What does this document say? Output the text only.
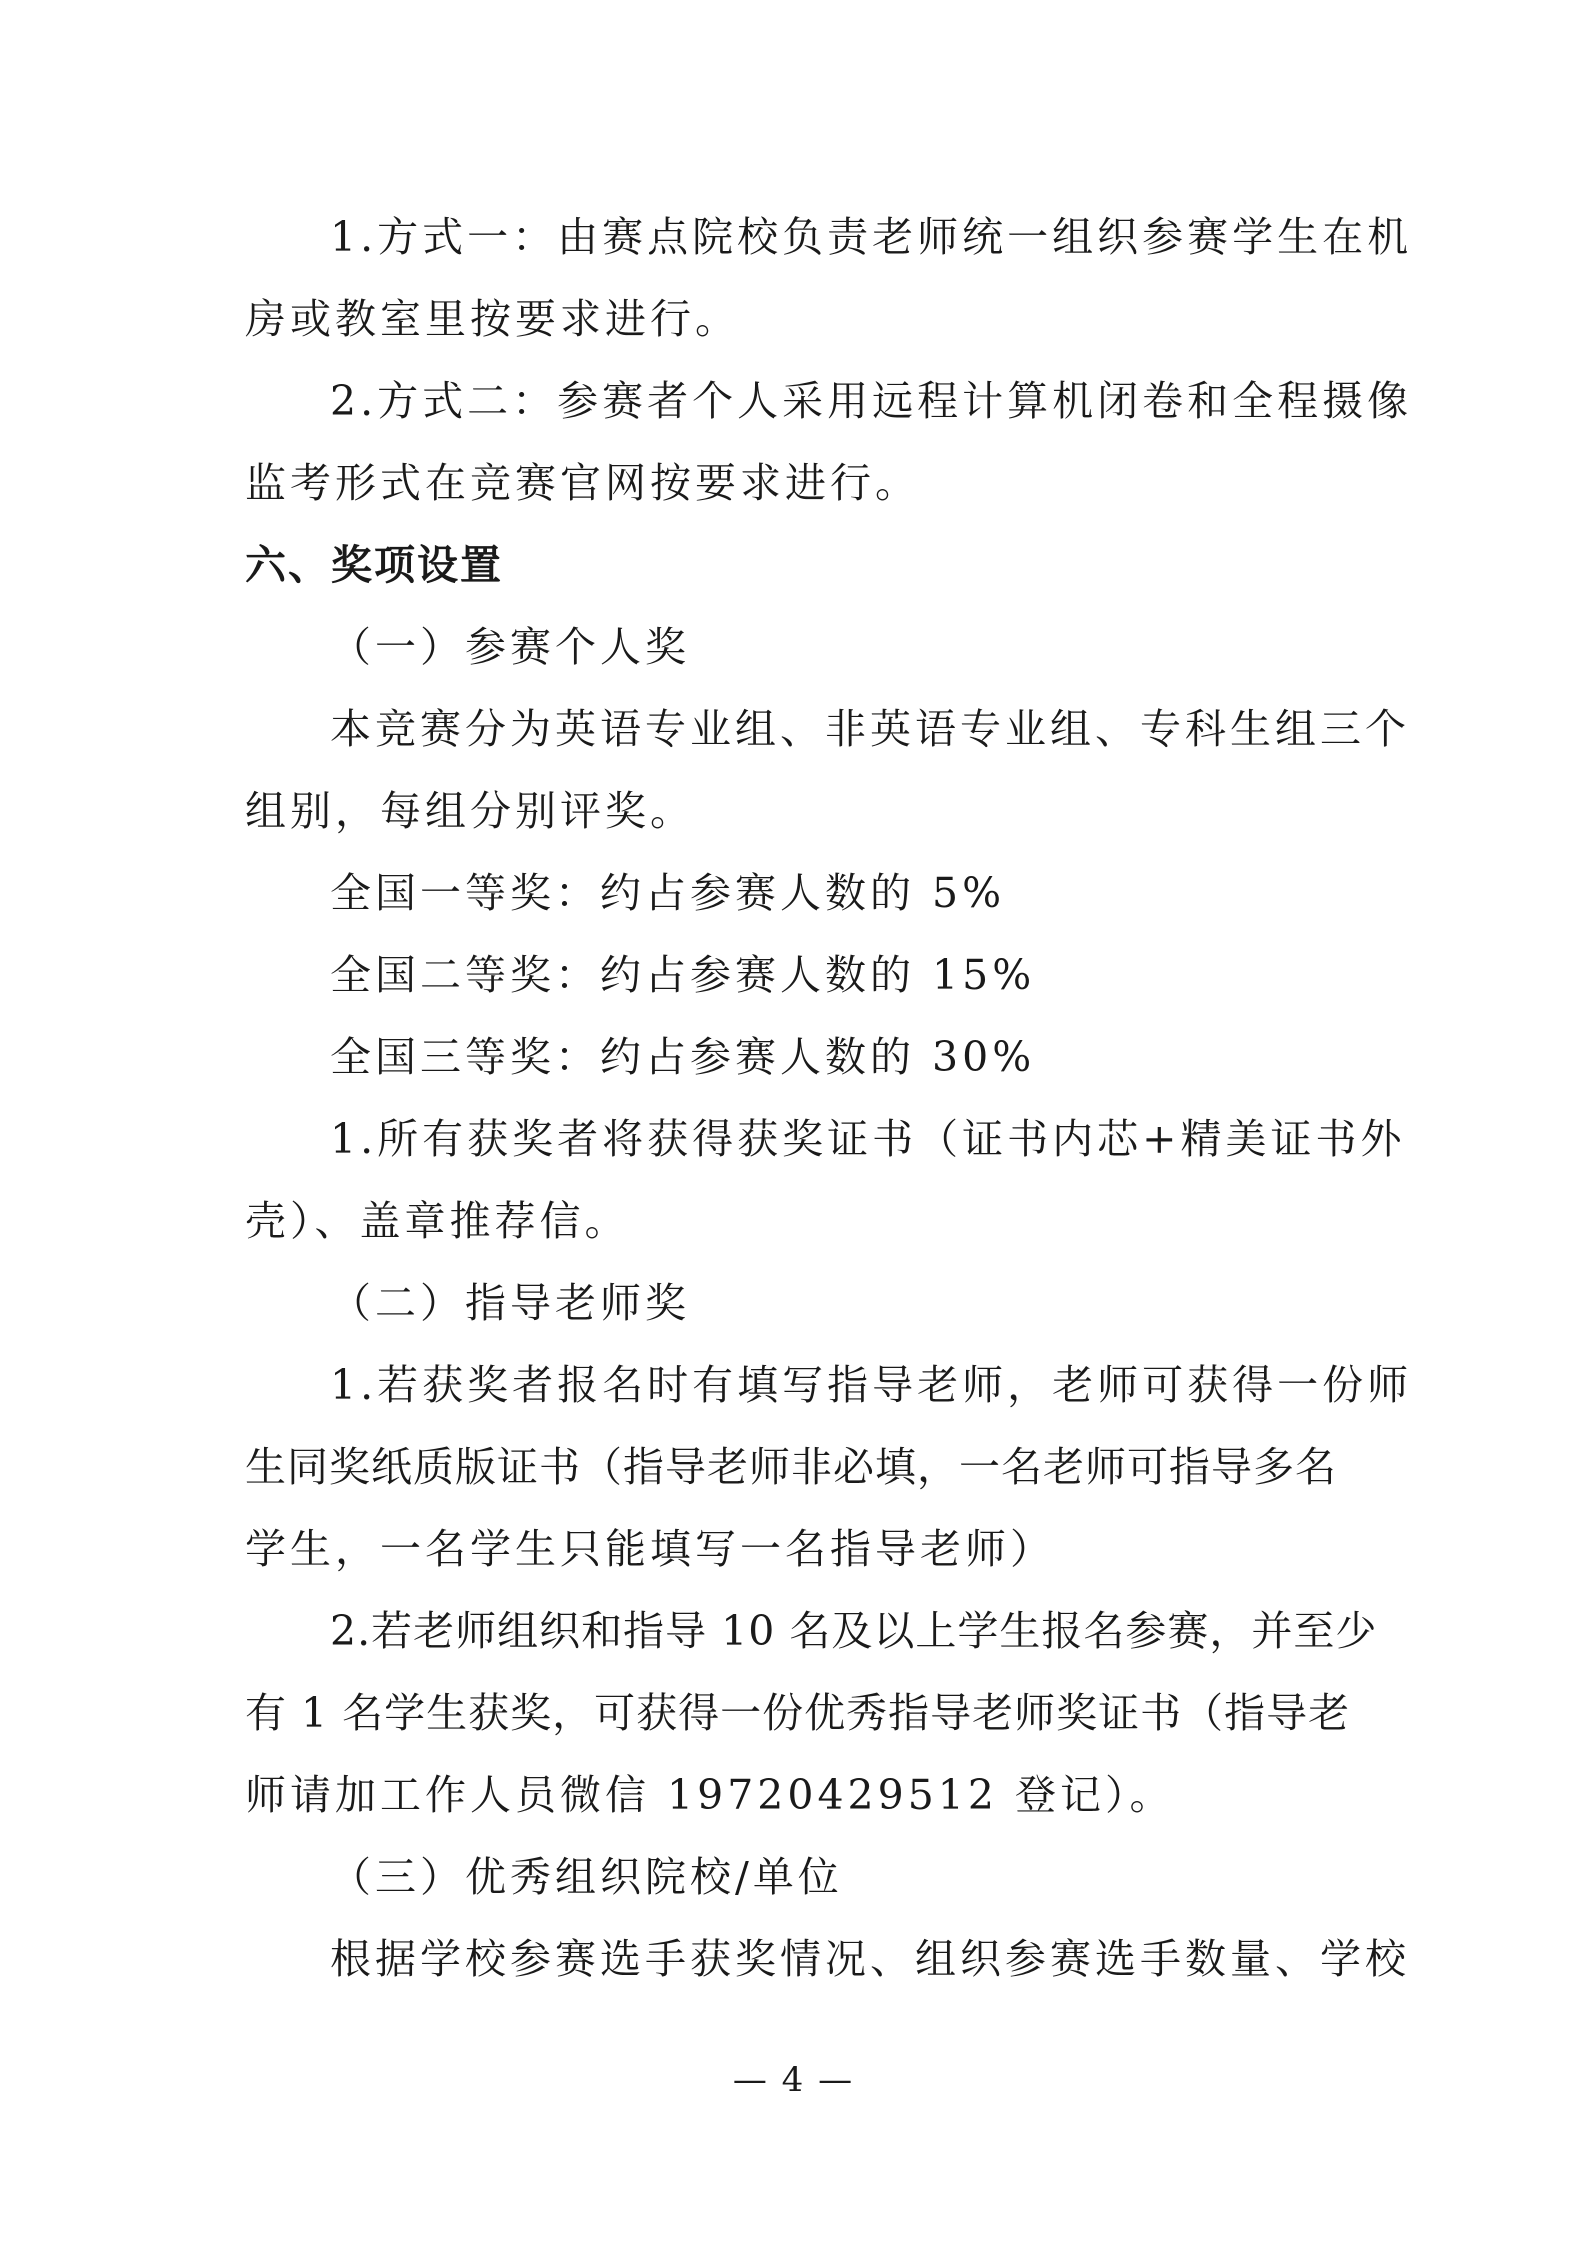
1.方式一：由赛点院校负责老师统一组织参赛学生在机
房或教室里按要求进行。
2.方式二：参赛者个人采用远程计算机闭卷和全程摄像
监考形式在竞赛官网按要求进行。
六、奖项设置
（一）参赛个人奖
本竞赛分为英语专业组、非英语专业组、专科生组三个
组别，每组分别评奖。
全国一等奖：约占参赛人数的 5%
全国二等奖：约占参赛人数的 15%
全国三等奖：约占参赛人数的 30%
1.所有获奖者将获得获奖证书（证书内芯+精美证书外
壳）、盖章推荐信。
（二）指导老师奖
1.若获奖者报名时有填写指导老师，老师可获得一份师
生同奖纸质版证书（指导老师非必填，一名老师可指导多名
学生，一名学生只能填写一名指导老师）
2.若老师组织和指导 10 名及以上学生报名参赛，并至少
有 1 名学生获奖，可获得一份优秀指导老师奖证书（指导老
师请加工作人员微信 19720429512 登记）。
（三）优秀组织院校/单位
根据学校参赛选手获奖情况、组织参赛选手数量、学校
— 4 —
